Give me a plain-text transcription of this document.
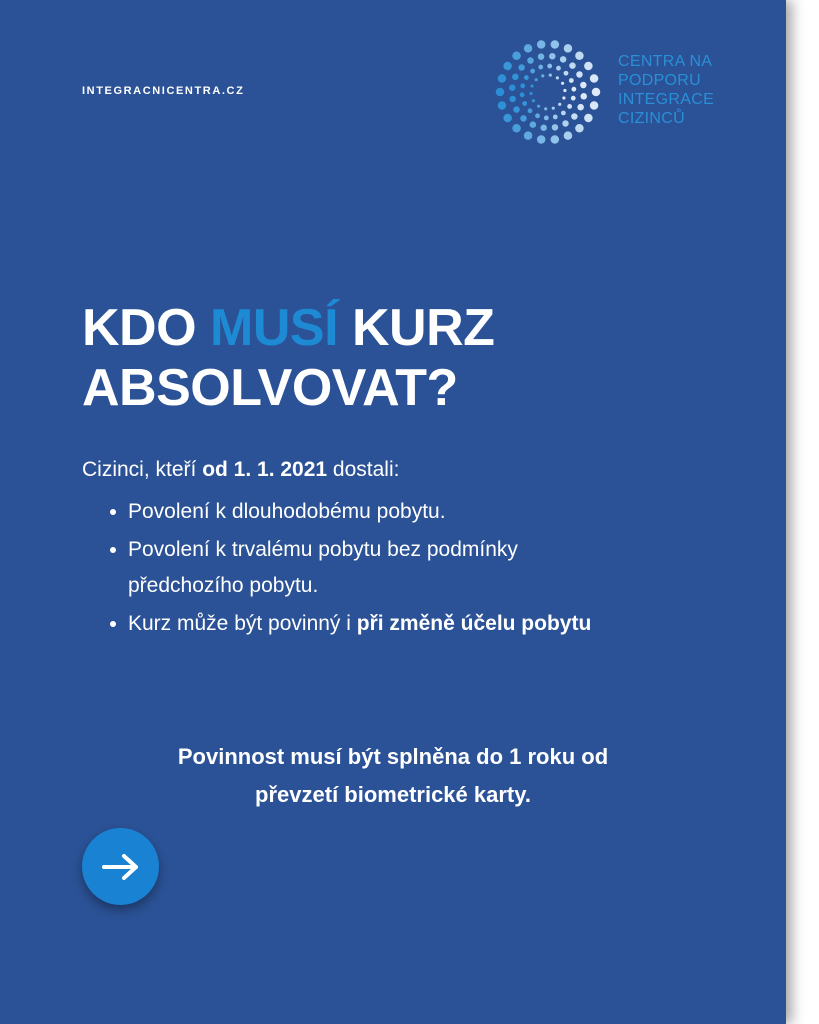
INTEGRACNICENTRA.CZ
CENTRA NA
PODPORU
INTEGRACE
CIZINCŮ
KDO MUSÍ KURZ
ABSOLVOVAT?
Cizinci, kteří od 1. 1. 2021 dostali:
Povolení k dlouhodobému pobytu.
Povolení k trvalému pobytu bez podmínky předchozího pobytu.
Kurz může být povinný i při změně účelu pobytu
Povinnost musí být splněna do 1 roku od
převzetí biometrické karty.
